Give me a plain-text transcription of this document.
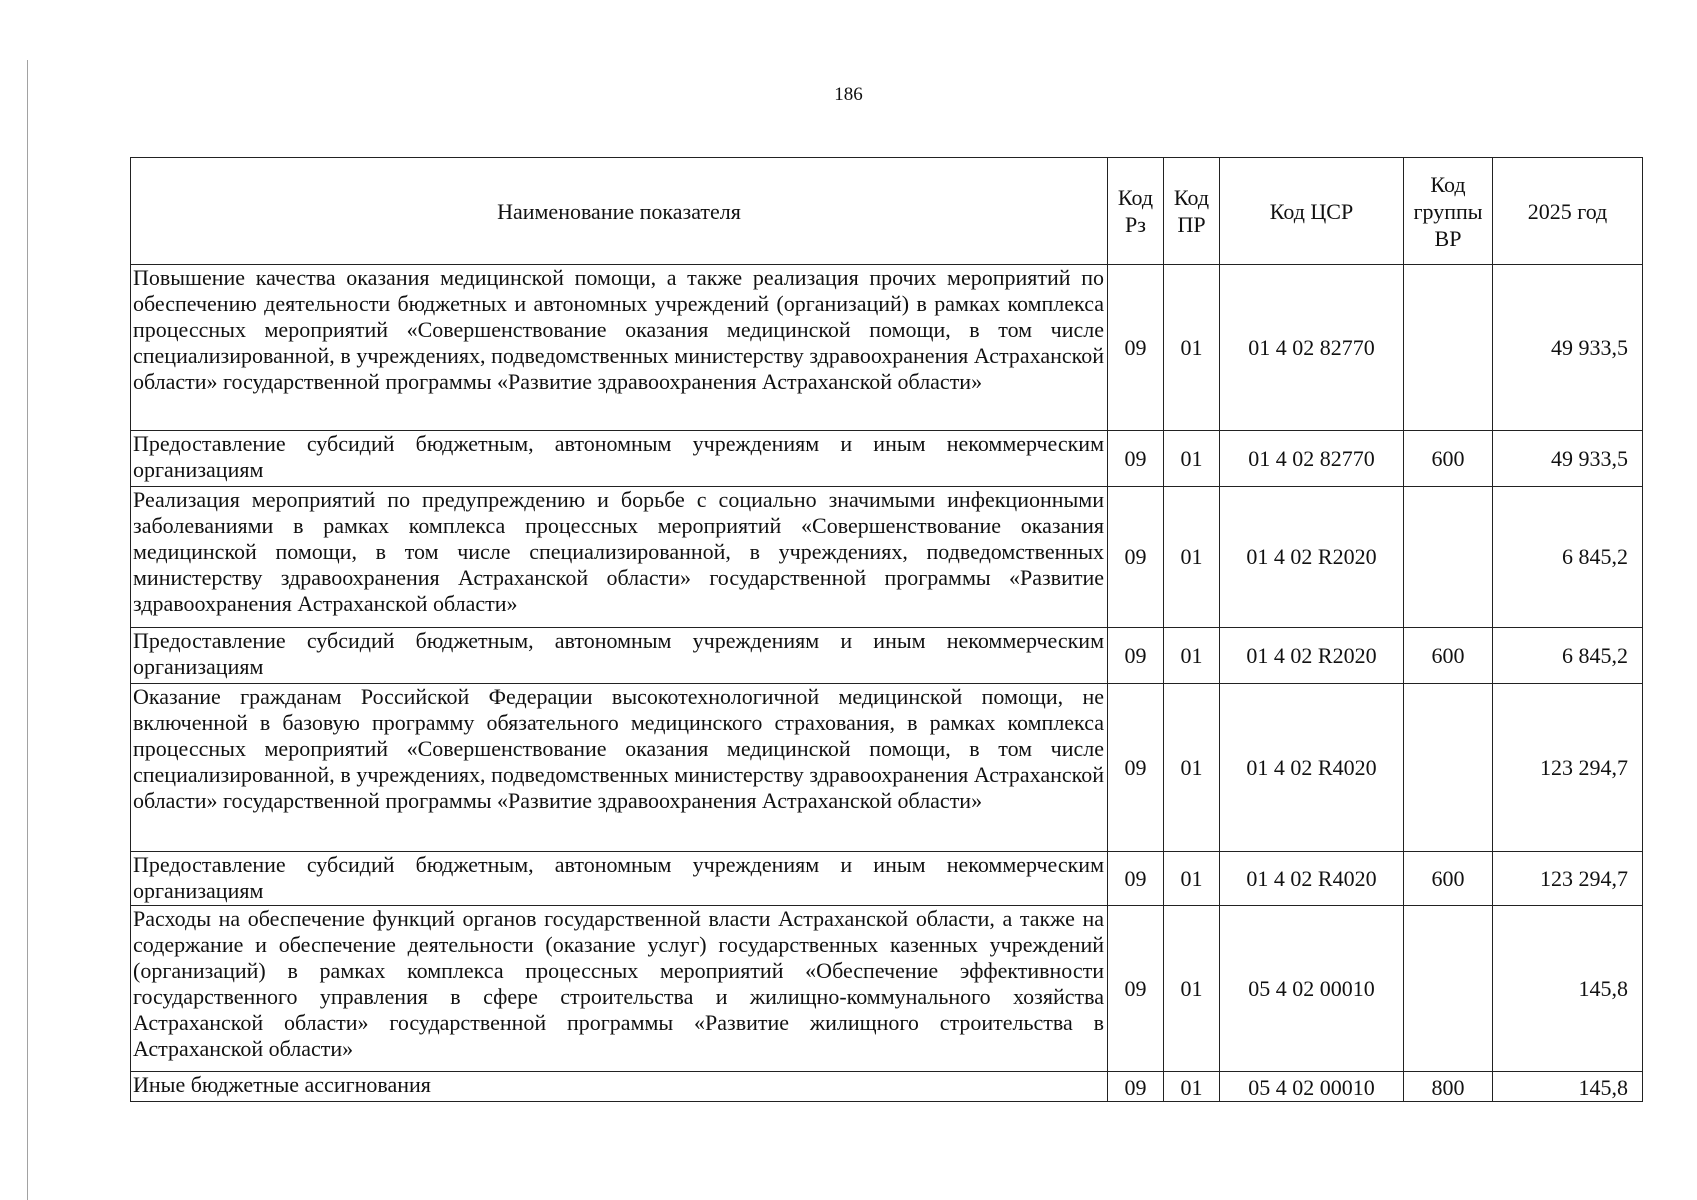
186
Наименование показателя	Код Рз	Код ПР	Код ЦСР	Код группы ВР	2025 год
Повышение качества оказания медицинской помощи, а также реализация прочих мероприятий по обеспечению деятельности бюджетных и автономных учреждений (организаций) в рамках комплекса процессных мероприятий «Совершенствование оказания медицинской помощи, в том числе специализированной, в учреждениях, подведомственных министерству здравоохранения Астраханской области» государственной программы «Развитие здравоохранения Астраханской области»	09	01	01 4 02 82770		49 933,5
Предоставление субсидий бюджетным, автономным учреждениям и иным некоммерческим организациям	09	01	01 4 02 82770	600	49 933,5
Реализация мероприятий по предупреждению и борьбе с социально значимыми инфекционными заболеваниями в рамках комплекса процессных мероприятий «Совершенствование оказания медицинской помощи, в том числе специализированной, в учреждениях, подведомственных министерству здравоохранения Астраханской области» государственной программы «Развитие здравоохранения Астраханской области»	09	01	01 4 02 R2020		6 845,2
Предоставление субсидий бюджетным, автономным учреждениям и иным некоммерческим организациям	09	01	01 4 02 R2020	600	6 845,2
Оказание гражданам Российской Федерации высокотехнологичной медицинской помощи, не включенной в базовую программу обязательного медицинского страхования, в рамках комплекса процессных мероприятий «Совершенствование оказания медицинской помощи, в том числе специализированной, в учреждениях, подведомственных министерству здравоохранения Астраханской области» государственной программы «Развитие здравоохранения Астраханской области»	09	01	01 4 02 R4020		123 294,7
Предоставление субсидий бюджетным, автономным учреждениям и иным некоммерческим организациям	09	01	01 4 02 R4020	600	123 294,7
Расходы на обеспечение функций органов государственной власти Астраханской области, а также на содержание и обеспечение деятельности (оказание услуг) государственных казенных учреждений (организаций) в рамках комплекса процессных мероприятий «Обеспечение эффективности государственного управления в сфере строительства и жилищно-коммунального хозяйства Астраханской области» государственной программы «Развитие жилищного строительства в Астраханской области»	09	01	05 4 02 00010		145,8
Иные бюджетные ассигнования	09	01	05 4 02 00010	800	145,8
